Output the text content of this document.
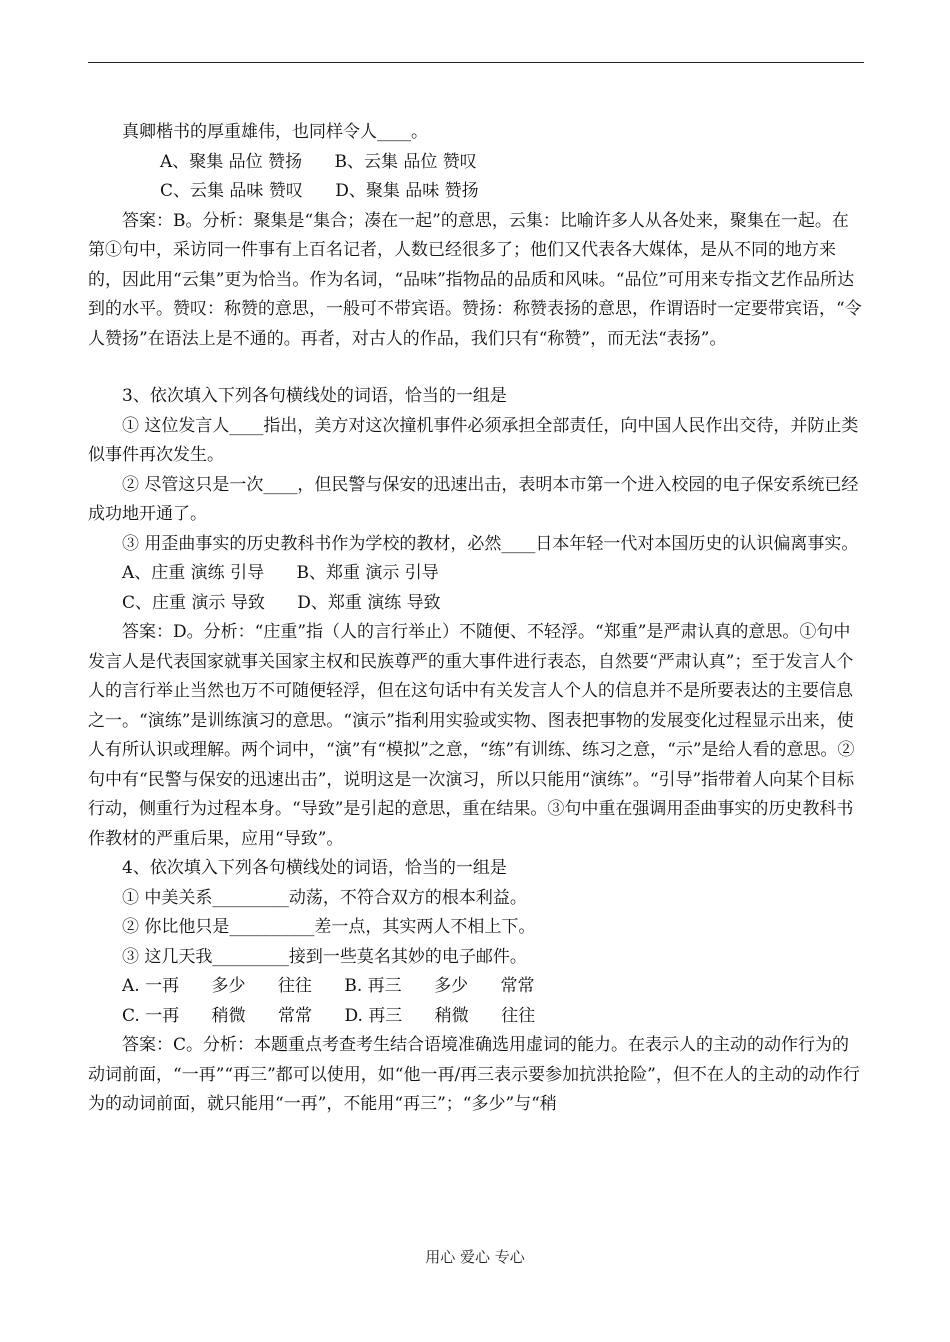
真卿楷书的厚重雄伟，也同样令人____。

A、聚集 品位 赞扬      B、云集 品位 赞叹

C、云集 品味 赞叹      D、聚集 品味 赞扬

答案：B。分析：聚集是“集合；凑在一起”的意思，云集：比喻许多人从各处来，聚集在一起。在第①句中，采访同一件事有上百名记者，人数已经很多了；他们又代表各大媒体，是从不同的地方来的，因此用“云集”更为恰当。作为名词，“品味”指物品的品质和风味。“品位”可用来专指文艺作品所达到的水平。赞叹：称赞的意思，一般可不带宾语。赞扬：称赞表扬的意思，作谓语时一定要带宾语，“令人赞扬”在语法上是不通的。再者，对古人的作品，我们只有“称赞”，而无法“表扬”。

3、依次填入下列各句横线处的词语，恰当的一组是

① 这位发言人____指出，美方对这次撞机事件必须承担全部责任，向中国人民作出交待，并防止类似事件再次发生。

② 尽管这只是一次____，但民警与保安的迅速出击，表明本市第一个进入校园的电子保安系统已经成功地开通了。

③ 用歪曲事实的历史教科书作为学校的教材，必然____日本年轻一代对本国历史的认识偏离事实。

A、庄重 演练 引导      B、郑重 演示 引导

C、庄重 演示 导致      D、郑重 演练 导致

答案：D。分析：“庄重”指（人的言行举止）不随便、不轻浮。“郑重”是严肃认真的意思。①句中发言人是代表国家就事关国家主权和民族尊严的重大事件进行表态，自然要“严肃认真”；至于发言人个人的言行举止当然也万不可随便轻浮，但在这句话中有关发言人个人的信息并不是所要表达的主要信息之一。“演练”是训练演习的意思。“演示”指利用实验或实物、图表把事物的发展变化过程显示出来，使人有所认识或理解。两个词中，“演”有“模拟”之意，“练”有训练、练习之意，“示”是给人看的意思。②句中有“民警与保安的迅速出击”，说明这是一次演习，所以只能用“演练”。“引导”指带着人向某个目标行动，侧重行为过程本身。“导致”是引起的意思，重在结果。③句中重在强调用歪曲事实的历史教科书作教材的严重后果，应用“导致”。

4、依次填入下列各句横线处的词语，恰当的一组是

① 中美关系_________动荡，不符合双方的根本利益。

② 你比他只是__________差一点，其实两人不相上下。

③ 这几天我_________接到一些莫名其妙的电子邮件。

A. 一再      多少      往往      B. 再三      多少      常常

C. 一再      稍微      常常      D. 再三      稍微      往往

答案：C。分析：本题重点考查考生结合语境准确选用虚词的能力。在表示人的主动的动作行为的动词前面，“一再”“再三”都可以使用，如“他一再/再三表示要参加抗洪抢险”，但不在人的主动的动作行为的动词前面，就只能用“一再”，不能用“再三”；“多少”与“稍

用心 爱心 专心
